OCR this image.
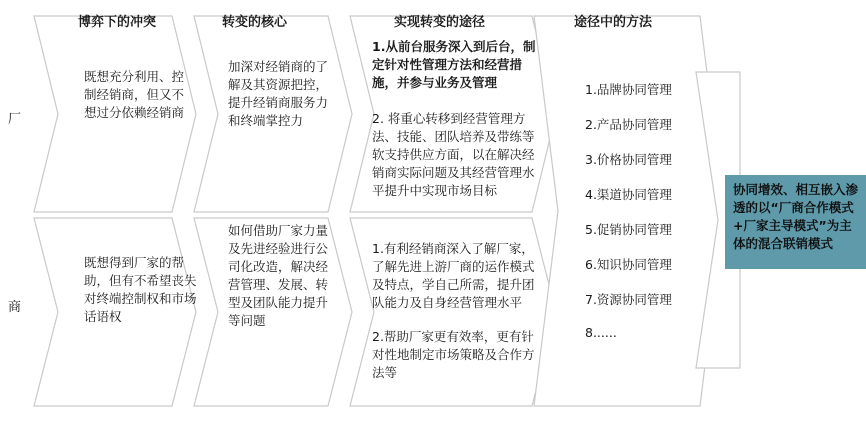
博弈下的冲突	转变的核心	实现转变的途径	途径中的方法
厂
商
既想充分利用、控制经销商，但又不想过分依赖经销商
既想得到厂家的帮助，但有不希望丧失对终端控制权和市场话语权
加深对经销商的了解及其资源把控，提升经销商服务力和终端掌控力
如何借助厂家力量及先进经验进行公司化改造，解决经营管理、发展、转型及团队能力提升等问题
1.从前台服务深入到后台，制定针对性管理方法和经营措施，并参与业务及管理
2. 将重心转移到经营管理方法、技能、团队培养及带练等软支持供应方面，以在解决经销商实际问题及其经营管理水平提升中实现市场目标
1.有利经销商深入了解厂家，了解先进上游厂商的运作模式及特点，学自己所需，提升团队能力及自身经营管理水平
2.帮助厂家更有效率，更有针对性地制定市场策略及合作方法等
1.品牌协同管理
2.产品协同管理
3.价格协同管理
4.渠道协同管理
5.促销协同管理
6.知识协同管理
7.资源协同管理
8......
协同增效、相互嵌入渗透的以“厂商合作模式+厂家主导模式”为主体的混合联销模式
